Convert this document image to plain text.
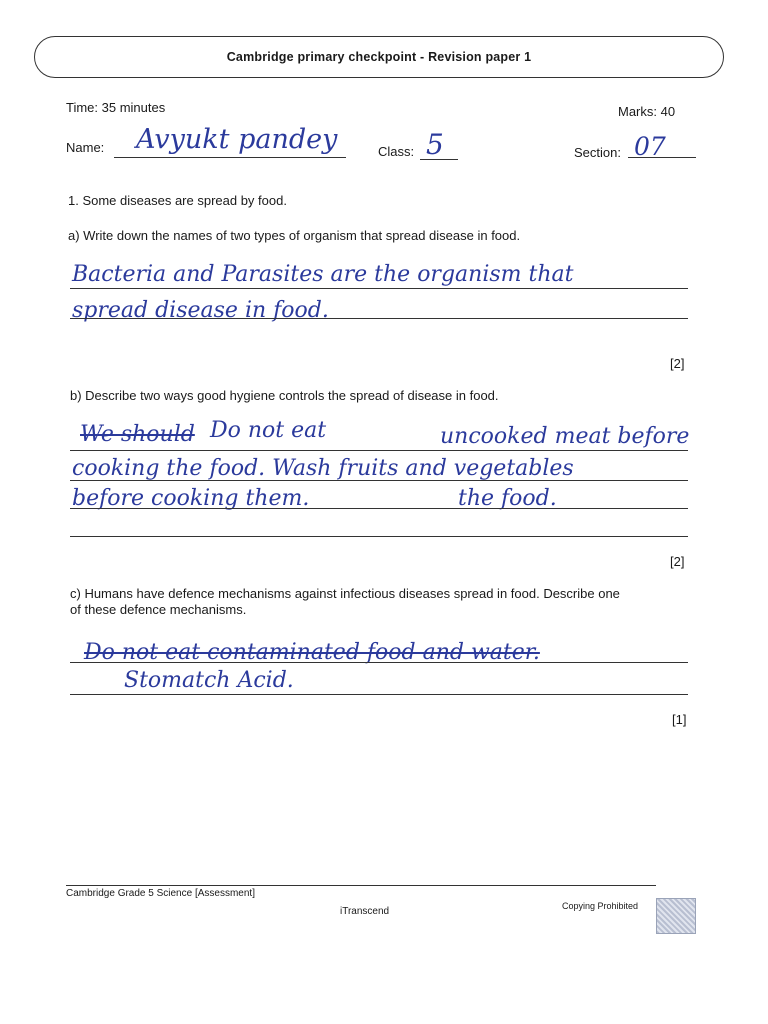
Cambridge primary checkpoint - Revision paper 1
Time: 35 minutes	Marks: 40
Name: Avyukt pandey	Class: 5	Section: 07
1. Some diseases are spread by food.
a) Write down the names of two types of organism that spread disease in food.
Bacteria and Parasites are the organism that
spread disease in food.
[2]
b) Describe two ways good hygiene controls the spread of disease in food.
We should Do not eat	uncooked meat before
cooking the food. Wash fruits and vegetables
before cooking them.	the food.
[2]
c) Humans have defence mechanisms against infectious diseases spread in food. Describe one
of these defence mechanisms.
Do not eat contaminated food and water.
Stomatch Acid.
[1]
Cambridge Grade 5 Science [Assessment]
iTranscend	Copying Prohibited
